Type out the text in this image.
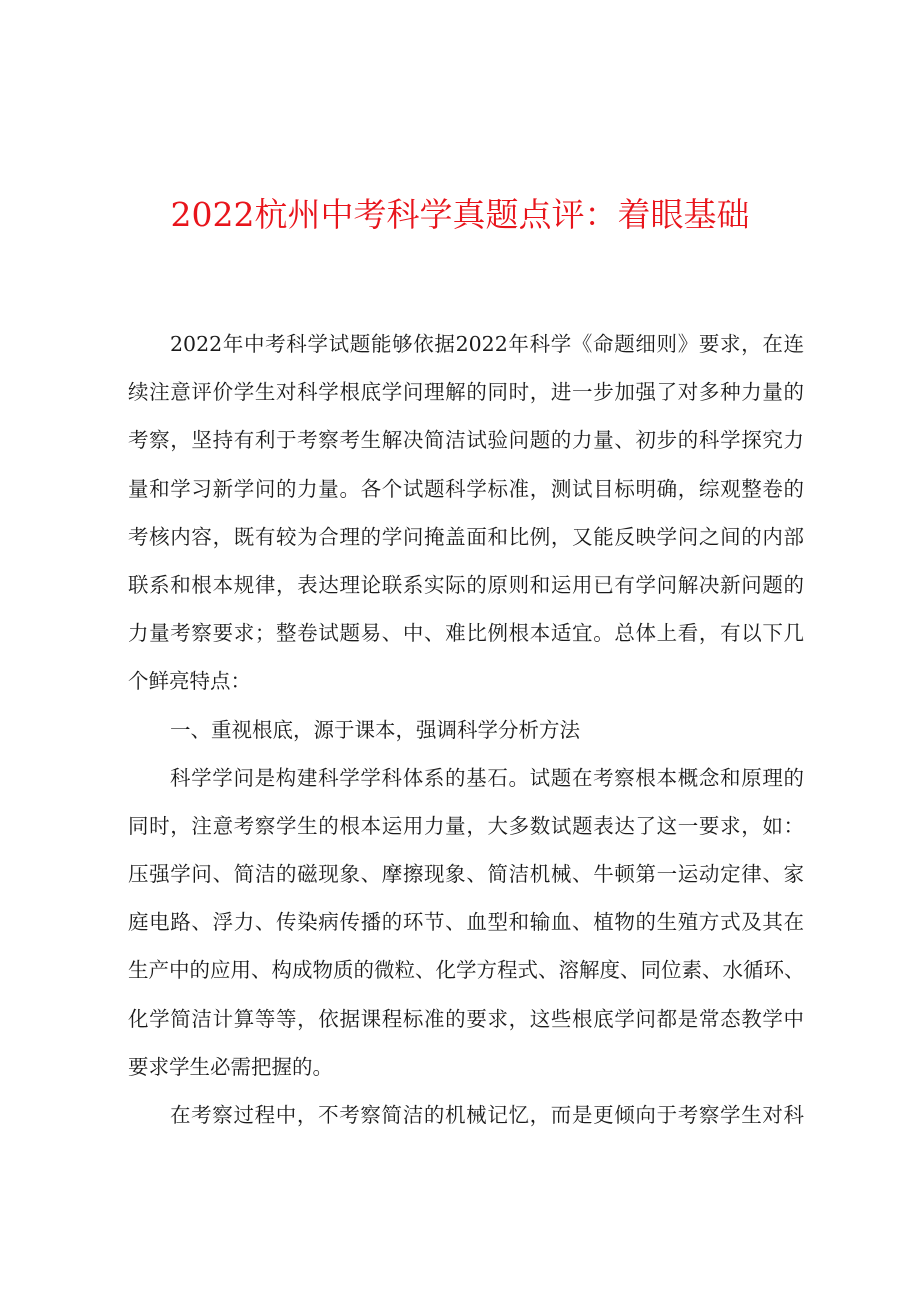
2022杭州中考科学真题点评：着眼基础
2022年中考科学试题能够依据2022年科学《命题细则》要求，在连
续注意评价学生对科学根底学问理解的同时，进一步加强了对多种力量的
考察，坚持有利于考察考生解决简洁试验问题的力量、初步的科学探究力
量和学习新学问的力量。各个试题科学标准，测试目标明确，综观整卷的
考核内容，既有较为合理的学问掩盖面和比例，又能反映学问之间的内部
联系和根本规律，表达理论联系实际的原则和运用已有学问解决新问题的
力量考察要求；整卷试题易、中、难比例根本适宜。总体上看，有以下几
个鲜亮特点：
一、重视根底，源于课本，强调科学分析方法
科学学问是构建科学学科体系的基石。试题在考察根本概念和原理的
同时，注意考察学生的根本运用力量，大多数试题表达了这一要求，如：
压强学问、简洁的磁现象、摩擦现象、简洁机械、牛顿第一运动定律、家
庭电路、浮力、传染病传播的环节、血型和输血、植物的生殖方式及其在
生产中的应用、构成物质的微粒、化学方程式、溶解度、同位素、水循环、
化学简洁计算等等，依据课程标准的要求，这些根底学问都是常态教学中
要求学生必需把握的。
在考察过程中，不考察简洁的机械记忆，而是更倾向于考察学生对科
